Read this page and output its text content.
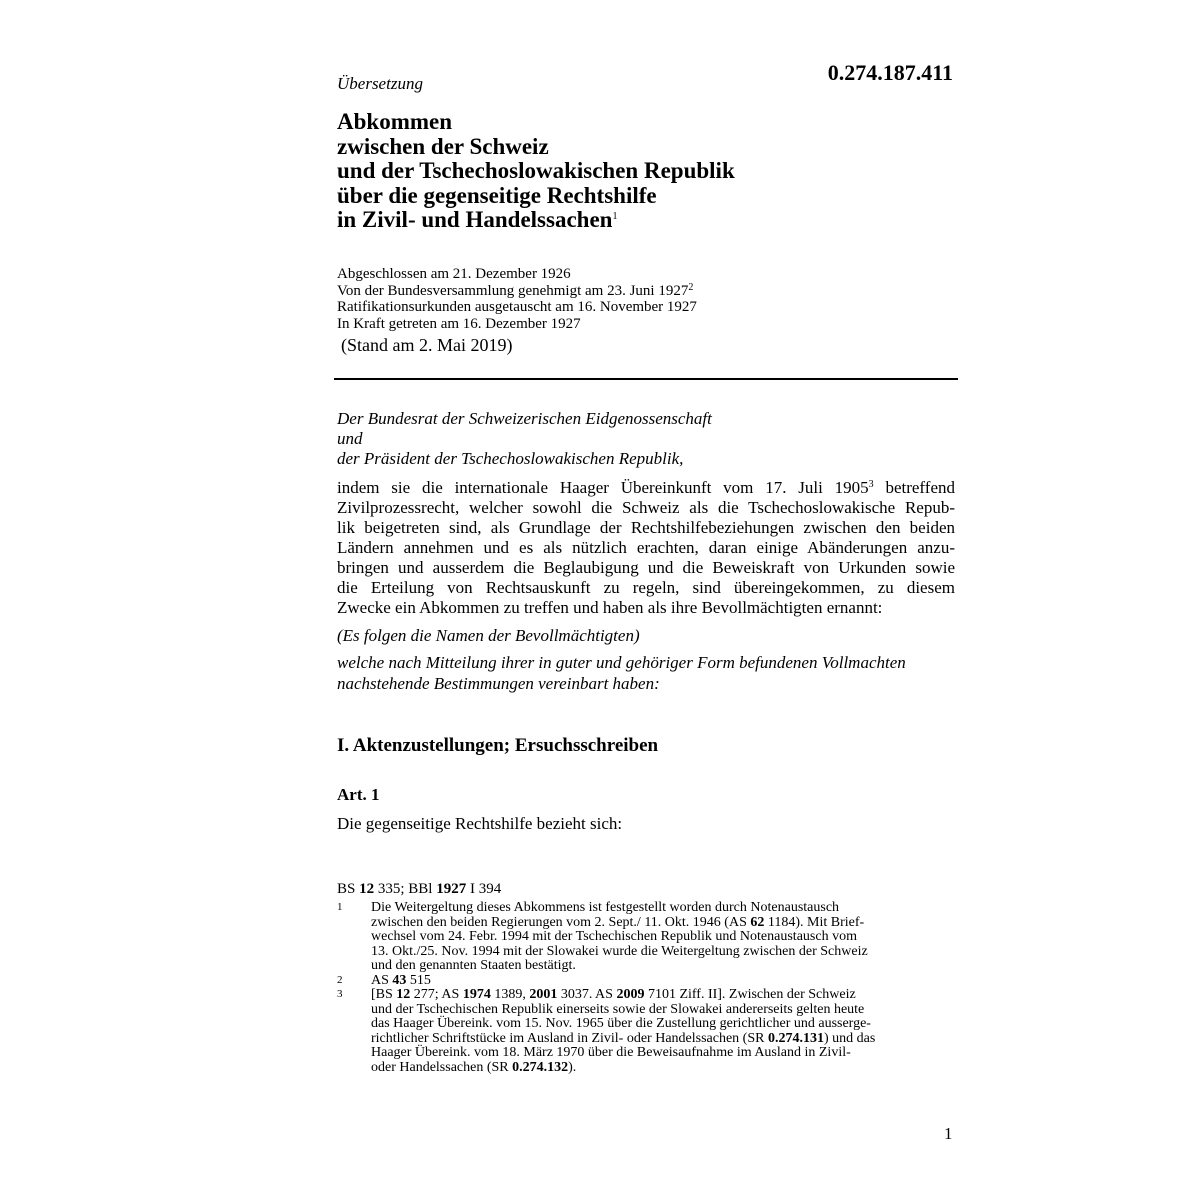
0.274.187.411
Übersetzung
Abkommen
zwischen der Schweiz
und der Tschechoslowakischen Republik
über die gegenseitige Rechtshilfe
in Zivil- und Handelssachen$^1$
Abgeschlossen am 21. Dezember 1926
Von der Bundesversammlung genehmigt am 23. Juni 1927$^2$
Ratifikationsurkunden ausgetauscht am 16. November 1927
In Kraft getreten am 16. Dezember 1927
(Stand am 2. Mai 2019)
Der Bundesrat der Schweizerischen Eidgenossenschaft
und
der Präsident der Tschechoslowakischen Republik,
indem sie die internationale Haager Übereinkunft vom 17. Juli 1905$^3$ betreffend
Zivilprozessrecht, welcher sowohl die Schweiz als die Tschechoslowakische Repub-
lik beigetreten sind, als Grundlage der Rechtshilfebeziehungen zwischen den beiden
Ländern annehmen und es als nützlich erachten, daran einige Abänderungen anzu-
bringen und ausserdem die Beglaubigung und die Beweiskraft von Urkunden sowie
die Erteilung von Rechtsauskunft zu regeln, sind übereingekommen, zu diesem
Zwecke ein Abkommen zu treffen und haben als ihre Bevollmächtigten ernannt:
(Es folgen die Namen der Bevollmächtigten)
welche nach Mitteilung ihrer in guter und gehöriger Form befundenen Vollmachten
nachstehende Bestimmungen vereinbart haben:
I. Aktenzustellungen; Ersuchsschreiben
Art. 1
Die gegenseitige Rechtshilfe bezieht sich:
BS 12 335; BBl 1927 I 394
1	Die Weitergeltung dieses Abkommens ist festgestellt worden durch Notenaustausch
zwischen den beiden Regierungen vom 2. Sept./ 11. Okt. 1946 (AS 62 1184). Mit Brief-
wechsel vom 24. Febr. 1994 mit der Tschechischen Republik und Notenaustausch vom
13. Okt./25. Nov. 1994 mit der Slowakei wurde die Weitergeltung zwischen der Schweiz
und den genannten Staaten bestätigt.
2	AS 43 515
3	[BS 12 277; AS 1974 1389, 2001 3037. AS 2009 7101 Ziff. II]. Zwischen der Schweiz
und der Tschechischen Republik einerseits sowie der Slowakei andererseits gelten heute
das Haager Übereink. vom 15. Nov. 1965 über die Zustellung gerichtlicher und ausserge-
richtlicher Schriftstücke im Ausland in Zivil- oder Handelssachen (SR 0.274.131) und das
Haager Übereink. vom 18. März 1970 über die Beweisaufnahme im Ausland in Zivil-
oder Handelssachen (SR 0.274.132).
1
